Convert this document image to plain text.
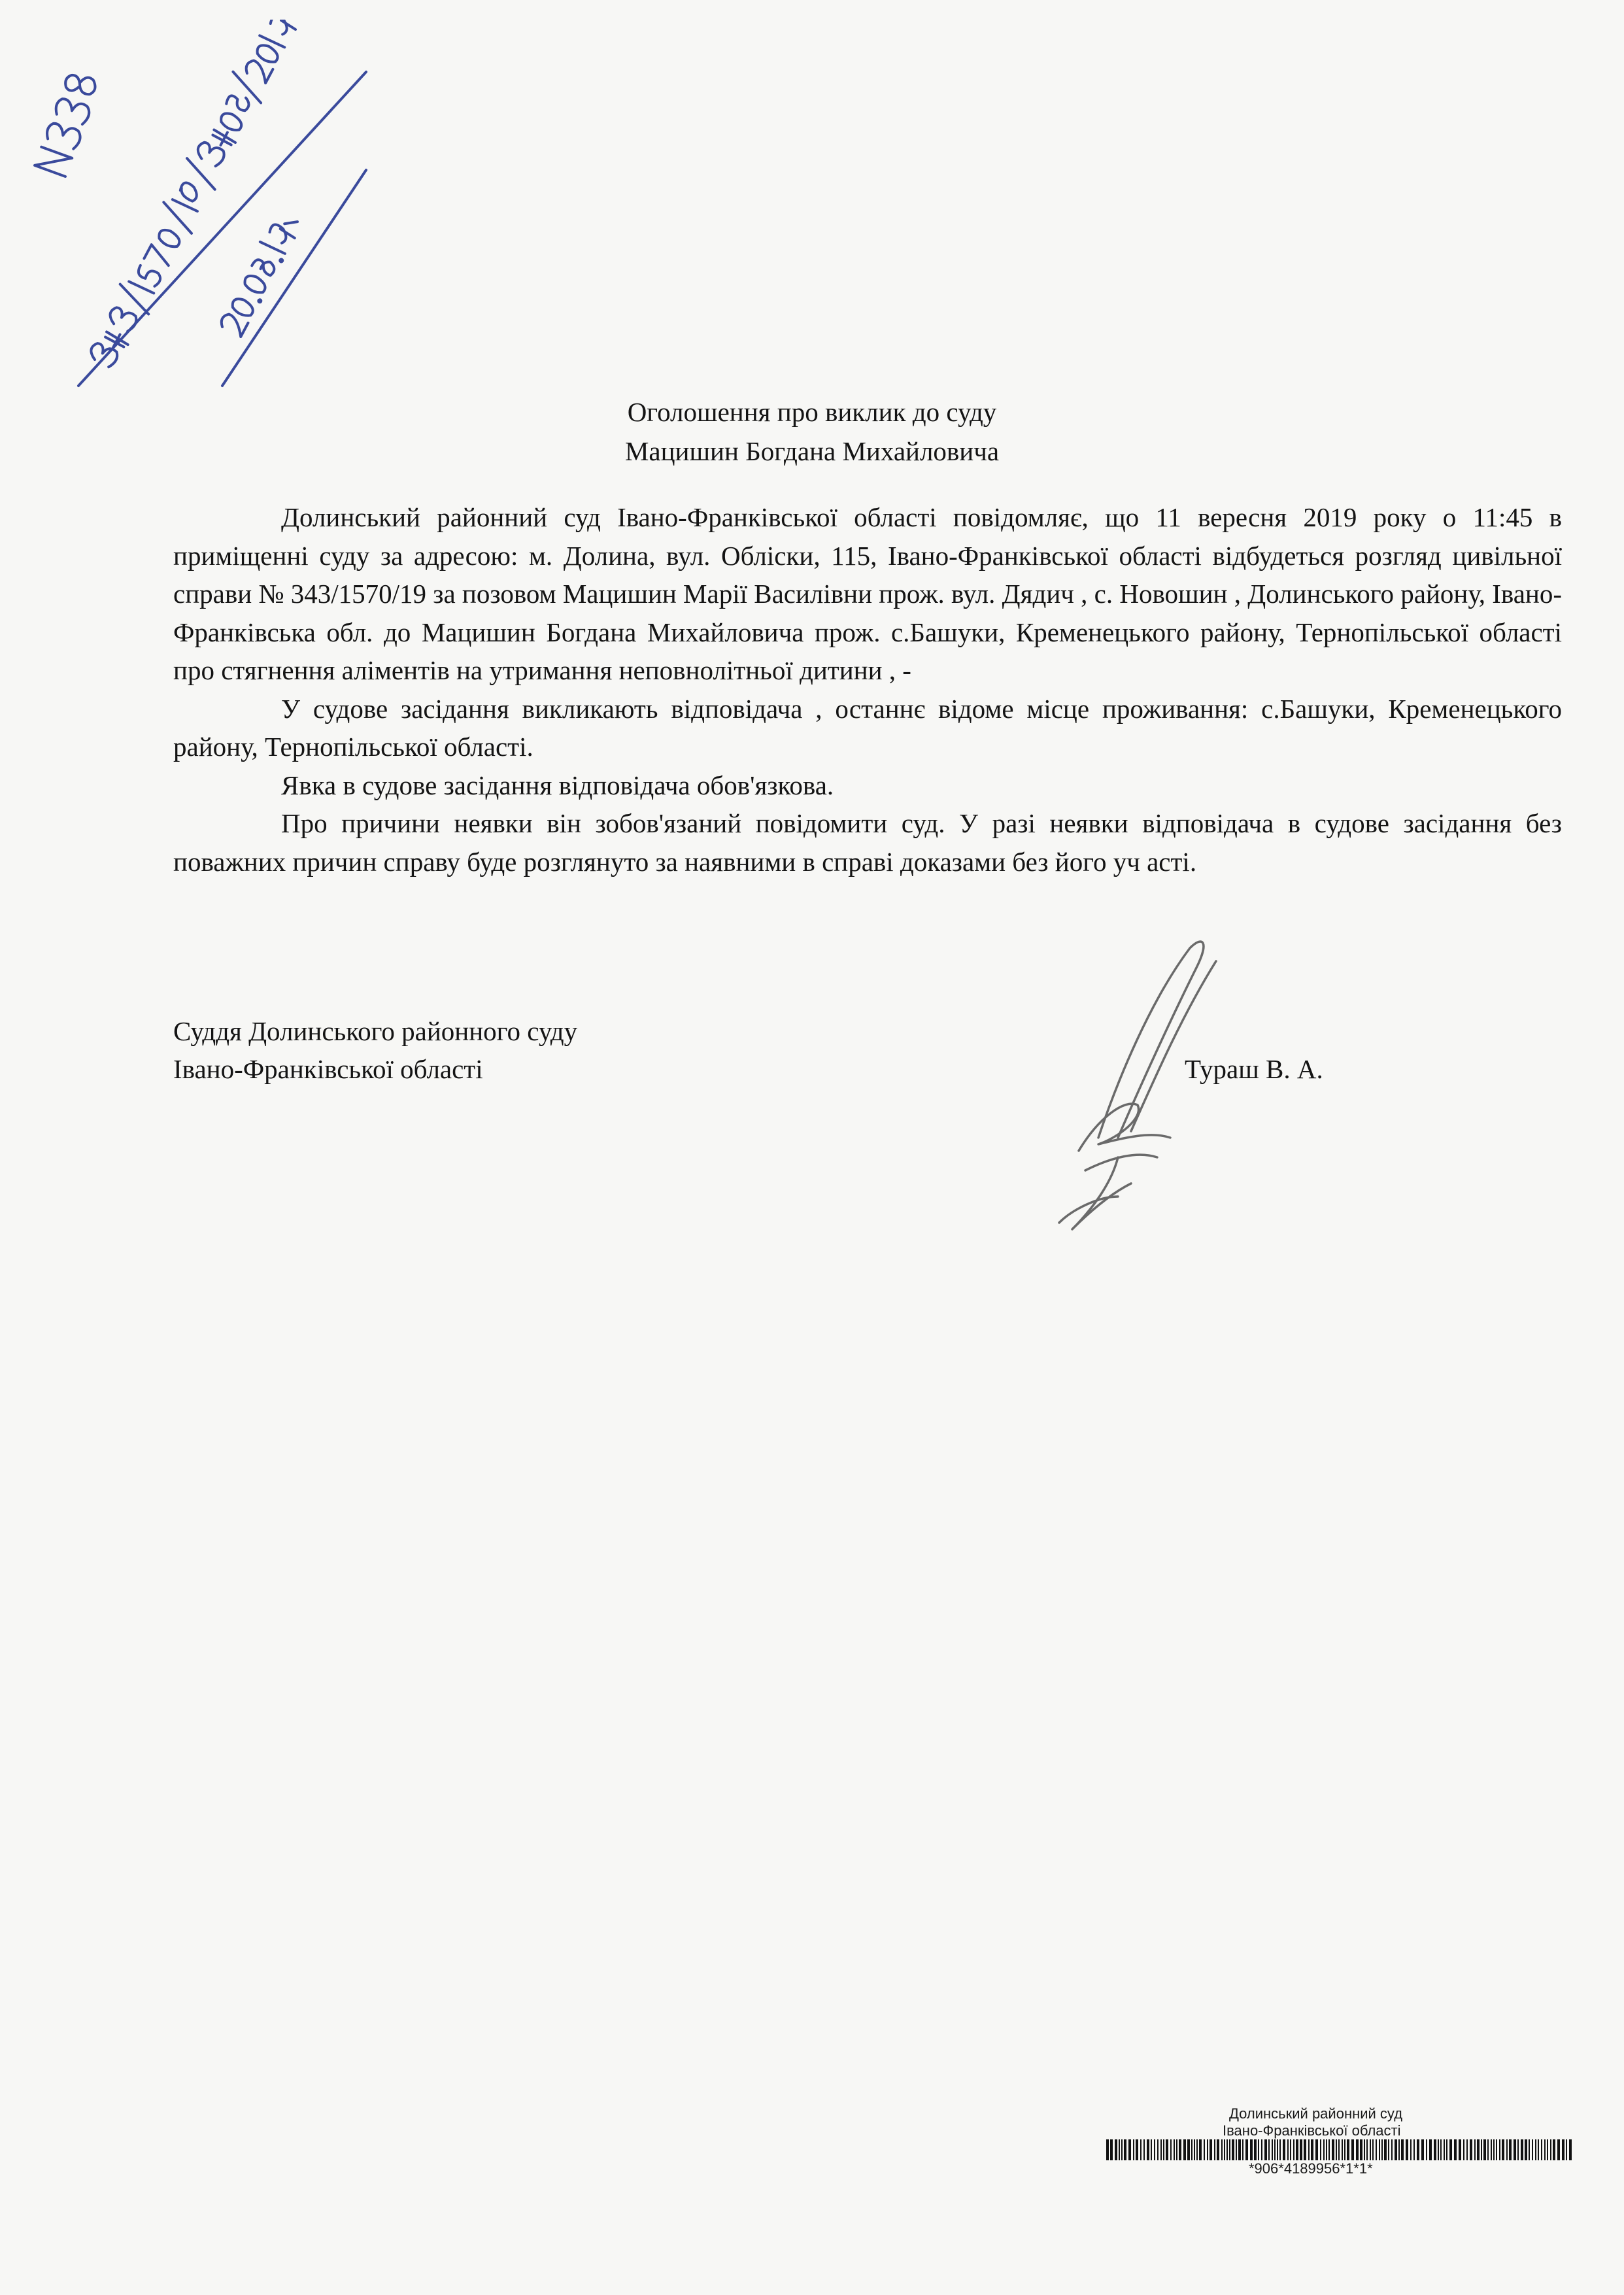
Оголошення про виклик до суду
Мацишин Богдана Михайловича

Долинський районний суд Івано-Франківської області повідомляє, що 11 вересня 2019 року о 11:45 в приміщенні суду за адресою: м. Долина, вул. Обліски, 115, Івано-Франківської області відбудеться розгляд цивільної справи № 343/1570/19 за позовом Мацишин Марії Василівни прож. вул. Дядич , с. Новошин , Долинського району, Івано-Франківська обл. до Мацишин Богдана Михайловича прож. с.Башуки, Кременецького району, Тернопільської області про стягнення аліментів на утримання неповнолітньої дитини , -

У судове засідання викликають відповідача , останнє відоме місце проживання: с.Башуки, Кременецького району, Тернопільської області.

Явка в судове засідання відповідача обов'язкова.

Про причини неявки він зобов'язаний повідомити суд. У разі неявки відповідача в судове засідання без поважних причин справу буде розглянуто за наявними в справі доказами без його уч асті.

Суддя Долинського районного суду
Івано-Франківської області	Тураш В. А.
Долинський районний суд
Івано-Франківської області
*906*4189956*1*1*
